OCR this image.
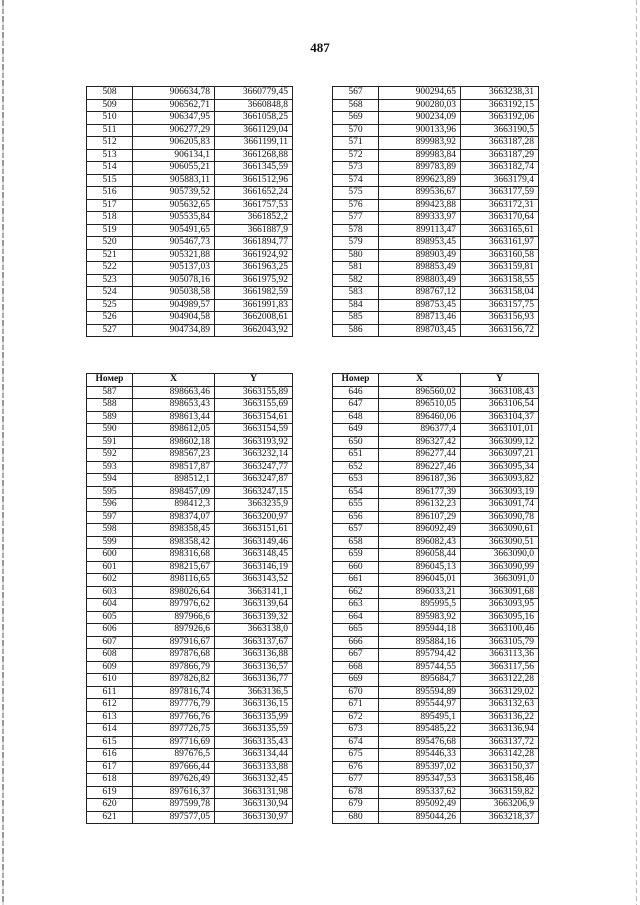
487
508	906634,78	3660779,45
509	906562,71	3660848,8
510	906347,95	3661058,25
511	906277,29	3661129,04
512	906205,83	3661199,11
513	906134,1	3661268,88
514	906055,21	3661345,59
515	905883,11	3661512,96
516	905739,52	3661652,24
517	905632,65	3661757,53
518	905535,84	3661852,2
519	905491,65	3661887,9
520	905467,73	3661894,77
521	905321,88	3661924,92
522	905137,03	3661963,25
523	905078,16	3661975,92
524	905038,58	3661982,59
525	904989,57	3661991,83
526	904904,58	3662008,61
527	904734,89	3662043,92
567	900294,65	3663238,31
568	900280,03	3663192,15
569	900234,09	3663192,06
570	900133,96	3663190,5
571	899983,92	3663187,28
572	899983,84	3663187,29
573	899783,89	3663182,74
574	899623,89	3663179,4
575	899536,67	3663177,59
576	899423,88	3663172,31
577	899333,97	3663170,64
578	899113,47	3663165,61
579	898953,45	3663161,97
580	898903,49	3663160,58
581	898853,49	3663159,81
582	898803,49	3663158,55
583	898767,12	3663158,04
584	898753,45	3663157,75
585	898713,46	3663156,93
586	898703,45	3663156,72
Номер	X	Y
587	898663,46	3663155,89
588	898653,43	3663155,69
589	898613,44	3663154,61
590	898612,05	3663154,59
591	898602,18	3663193,92
592	898567,23	3663232,14
593	898517,87	3663247,77
594	898512,1	3663247,87
595	898457,09	3663247,15
596	898412,3	3663235,9
597	898374,07	3663200,97
598	898358,45	3663151,61
599	898358,42	3663149,46
600	898316,68	3663148,45
601	898215,67	3663146,19
602	898116,65	3663143,52
603	898026,64	3663141,1
604	897976,62	3663139,64
605	897966,6	3663139,32
606	897926,6	3663138,0
607	897916,67	3663137,67
608	897876,68	3663136,88
609	897866,79	3663136,57
610	897826,82	3663136,77
611	897816,74	3663136,5
612	897776,79	3663136,15
613	897766,76	3663135,99
614	897726,75	3663135,59
615	897716,69	3663135,43
616	897676,5	3663134,44
617	897666,44	3663133,88
618	897626,49	3663132,45
619	897616,37	3663131,98
620	897599,78	3663130,94
621	897577,05	3663130,97
Номер	X	Y
646	896560,02	3663108,43
647	896510,05	3663106,54
648	896460,06	3663104,37
649	896377,4	3663101,01
650	896327,42	3663099,12
651	896277,44	3663097,21
652	896227,46	3663095,34
653	896187,36	3663093,82
654	896177,39	3663093,19
655	896132,23	3663091,74
656	896107,29	3663090,78
657	896092,49	3663090,61
658	896082,43	3663090,51
659	896058,44	3663090,0
660	896045,13	3663090,99
661	896045,01	3663091,0
662	896033,21	3663091,68
663	895995,5	3663093,95
664	895983,92	3663095,16
665	895944,18	3663100,46
666	895884,16	3663105,79
667	895794,42	3663113,36
668	895744,55	3663117,56
669	895684,7	3663122,28
670	895594,89	3663129,02
671	895544,97	3663132,63
672	895495,1	3663136,22
673	895485,22	3663136,94
674	895476,68	3663137,72
675	895446,33	3663142,28
676	895397,02	3663150,37
677	895347,53	3663158,46
678	895337,62	3663159,82
679	895092,49	3663206,9
680	895044,26	3663218,37
